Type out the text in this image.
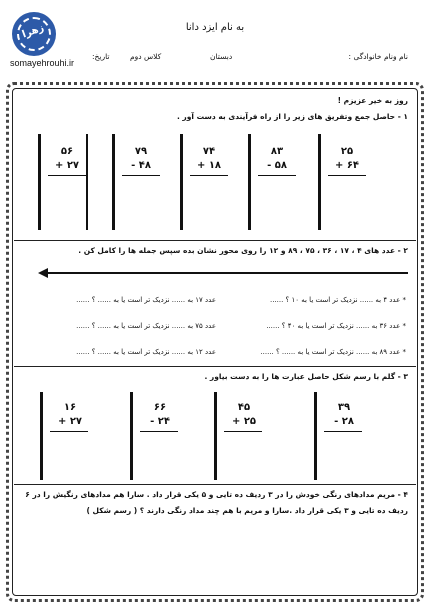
زهرا
somayehrouhi.ir
به نام ایزد دانا
نام ونام خانوادگی :
دبستان
کلاس دوم
تاریخ:
روز به خیر عزیزم !
۱ - حاصل جمع وتفریق های زیر را از راه فرآیندی به دست آور .
۲۵
+ ۶۴
۸۳
- ۵۸
۷۴
+ ۱۸
۷۹
- ۴۸
۵۶
+ ۲۷
۲ - عدد های ۴ ، ۱۷ ، ۳۶ ، ۷۵ ، ۸۹ و ۱۲ را روی محور نشان بده سپس جمله ها را کامل کن .
* عدد ۴ به ...... نزدیک تر است یا به ۱۰ ؟ ......
عدد ۱۷ به ...... نزدیک تر است یا به ...... ؟ ......
* عدد ۳۶ به ...... نزدیک تر است یا به ۴۰ ؟ ......
عدد ۷۵ به ...... نزدیک تر است یا به ...... ؟ ......
* عدد ۸۹ به ...... نزدیک تر است یا به ...... ؟ ......
عدد ۱۲ به ...... نزدیک تر است یا به ...... ؟ ......
۳ - گلم با رسم شکل حاصل عبارت ها را به دست بیاور .
۳۹
- ۲۸
۴۵
+ ۲۵
۶۶
- ۲۴
۱۶
+ ۲۷
۴ - مریم مدادهای رنگی خودش را در ۳ ردیف ده تایی و ۵ یکی قرار داد . سارا هم مدادهای رنگیش را در ۶
ردیف ده تایی و ۳ یکی قرار داد .سارا و مریم با هم چند مداد رنگی دارند ؟ ( رسم شکل )
